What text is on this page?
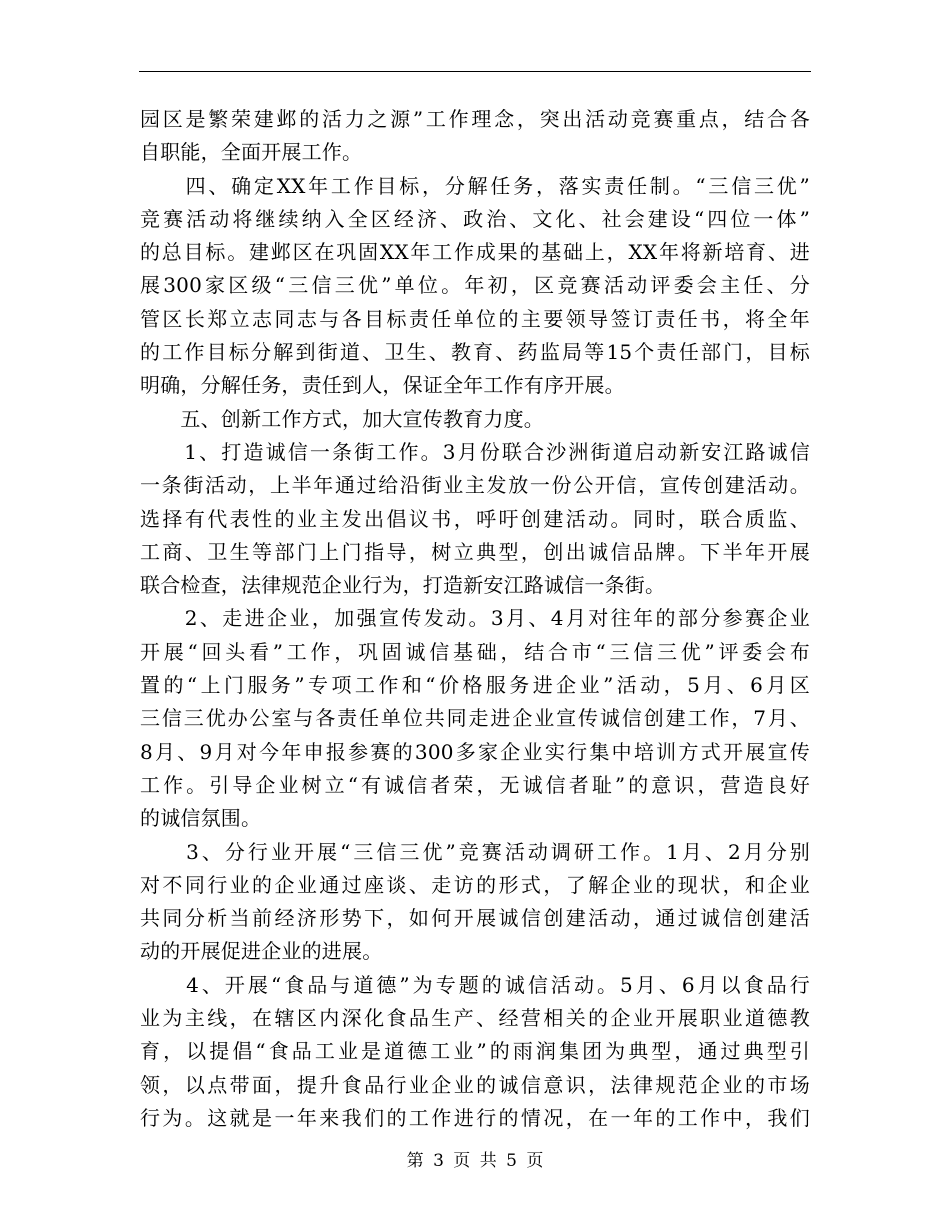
园区是繁荣建邺的活力之源”工作理念，突出活动竞赛重点，结合各
自职能，全面开展工作。
　　四、确定XX年工作目标，分解任务，落实责任制。“三信三优”
竞赛活动将继续纳入全区经济、政治、文化、社会建设“四位一体”
的总目标。建邺区在巩固XX年工作成果的基础上，XX年将新培育、进
展300家区级“三信三优”单位。年初，区竞赛活动评委会主任、分
管区长郑立志同志与各目标责任单位的主要领导签订责任书，将全年
的工作目标分解到街道、卫生、教育、药监局等15个责任部门，目标
明确，分解任务，责任到人，保证全年工作有序开展。
　　五、创新工作方式，加大宣传教育力度。
　　1、打造诚信一条街工作。3月份联合沙洲街道启动新安江路诚信
一条街活动，上半年通过给沿街业主发放一份公开信，宣传创建活动。
选择有代表性的业主发出倡议书，呼吁创建活动。同时，联合质监、
工商、卫生等部门上门指导，树立典型，创出诚信品牌。下半年开展
联合检查，法律规范企业行为，打造新安江路诚信一条街。
　　2、走进企业，加强宣传发动。3月、4月对往年的部分参赛企业
开展“回头看”工作，巩固诚信基础，结合市“三信三优”评委会布
置的“上门服务”专项工作和“价格服务进企业”活动，5月、6月区
三信三优办公室与各责任单位共同走进企业宣传诚信创建工作，7月、
8月、9月对今年申报参赛的300多家企业实行集中培训方式开展宣传
工作。引导企业树立“有诚信者荣，无诚信者耻”的意识，营造良好
的诚信氛围。
　　3、分行业开展“三信三优”竞赛活动调研工作。1月、2月分别
对不同行业的企业通过座谈、走访的形式，了解企业的现状，和企业
共同分析当前经济形势下，如何开展诚信创建活动，通过诚信创建活
动的开展促进企业的进展。
　　4、开展“食品与道德”为专题的诚信活动。5月、6月以食品行
业为主线，在辖区内深化食品生产、经营相关的企业开展职业道德教
育，以提倡“食品工业是道德工业”的雨润集团为典型，通过典型引
领，以点带面，提升食品行业企业的诚信意识，法律规范企业的市场
行为。这就是一年来我们的工作进行的情况，在一年的工作中，我们
第 3 页 共 5 页
